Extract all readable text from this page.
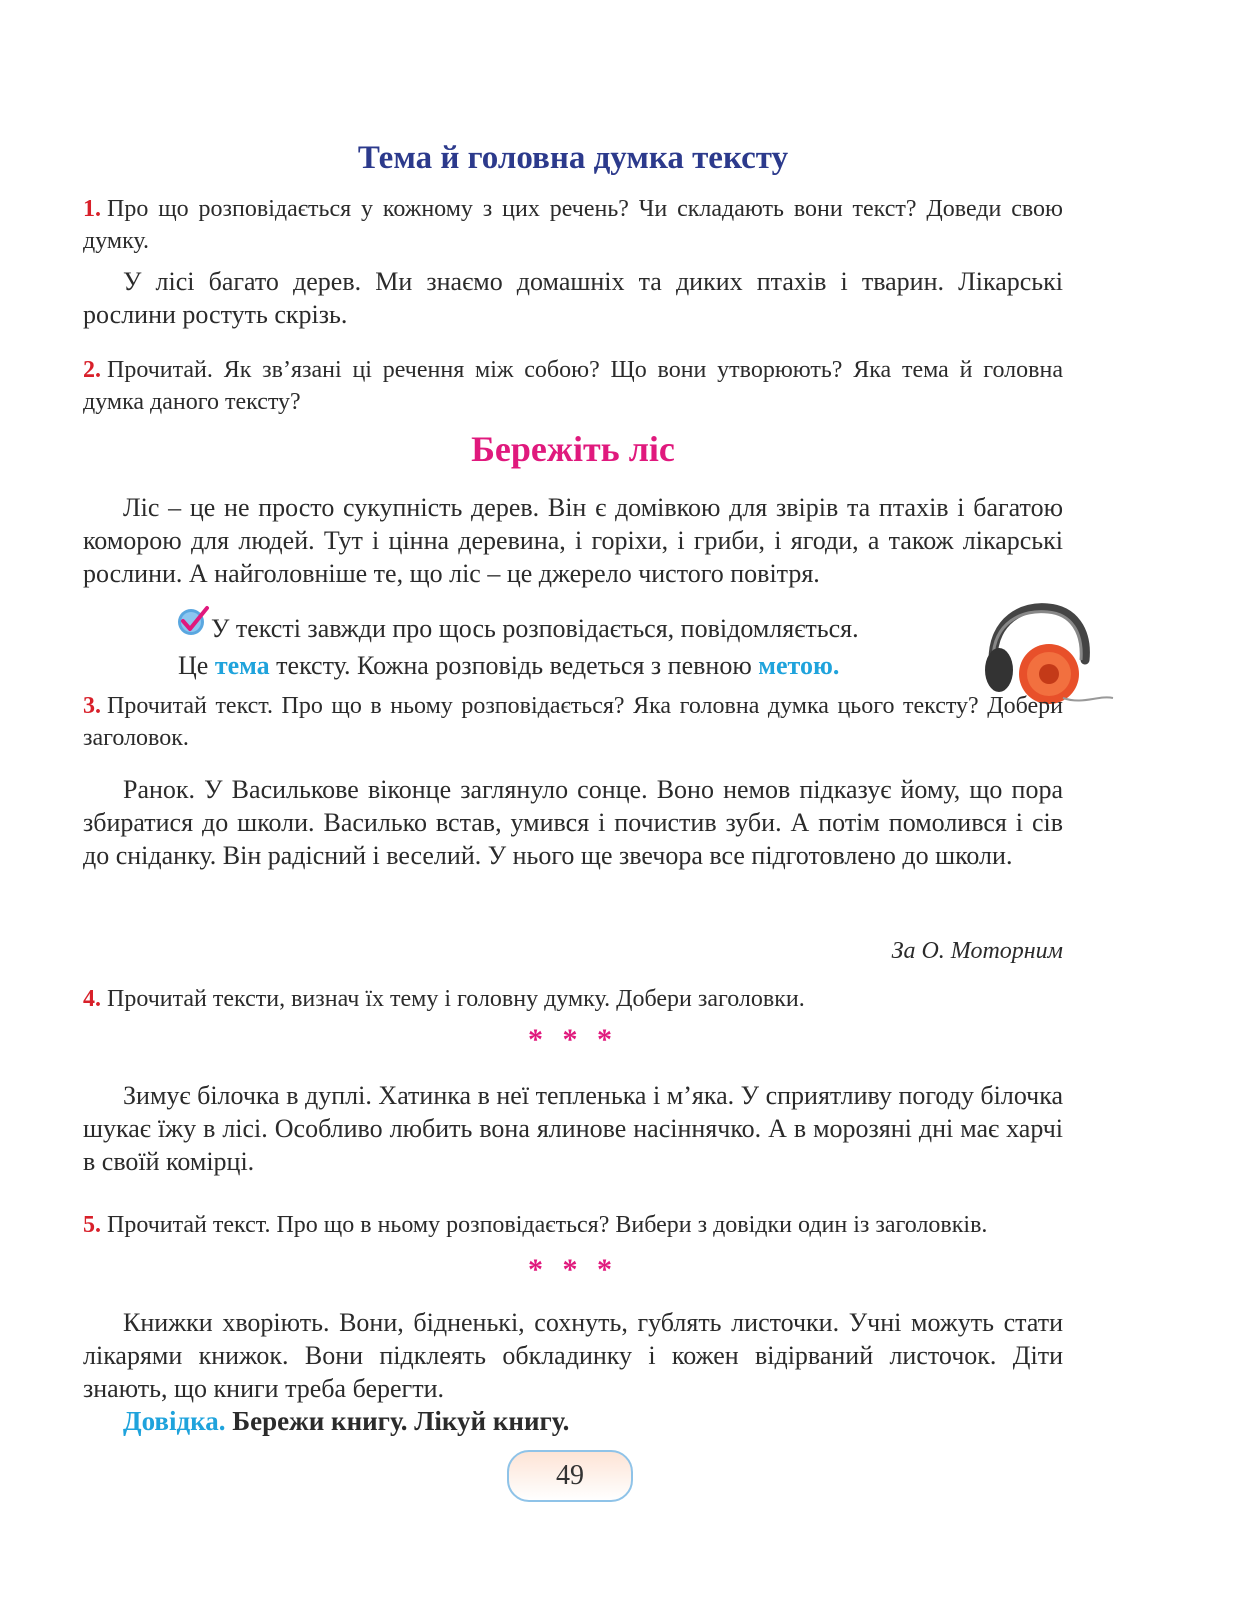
Тема й головна думка тексту

1. Про що розповідається у кожному з цих речень? Чи складають вони текст? Доведи свою думку.

У лісі багато дерев. Ми знаємо домашніх та диких птахів і тварин. Лікарські рослини ростуть скрізь.

2. Прочитай. Як зв’язані ці речення між собою? Що вони утворюють? Яка тема й головна думка даного тексту?

Бережіть ліс

Ліс – це не просто сукупність дерев. Він є домівкою для звірів та птахів і багатою коморою для людей. Тут і цінна деревина, і горіхи, і гриби, і ягоди, а також лікарські рослини. А найголовніше те, що ліс – це джерело чистого повітря.

У тексті завжди про щось розповідається, повідомляється.
Це тема тексту. Кожна розповідь ведеться з певною метою.

3. Прочитай текст. Про що в ньому розповідається? Яка головна думка цього тексту? Добери заголовок.

Ранок. У Василькове віконце заглянуло сонце. Воно немов підказує йому, що пора збиратися до школи. Василько встав, умився і почистив зуби. А потім помолився і сів до сніданку. Він радісний і веселий. У нього ще звечора все підготовлено до школи.

За О. Моторним

4. Прочитай тексти, визнач їх тему і головну думку. Добери заголовки.

* * *

Зимує білочка в дуплі. Хатинка в неї тепленька і м’яка. У сприятливу погоду білочка шукає їжу в лісі. Особливо любить вона ялинове насіннячко. А в морозяні дні має харчі в своїй комірці.

5. Прочитай текст. Про що в ньому розповідається? Вибери з довідки один із заголовків.

* * *

Книжки хворіють. Вони, бідненькі, сохнуть, гублять листочки. Учні можуть стати лікарями книжок. Вони підклеять обкладинку і кожен відірваний листочок. Діти знають, що книги треба берегти.

Довідка. Бережи книгу. Лікуй книгу.

49
